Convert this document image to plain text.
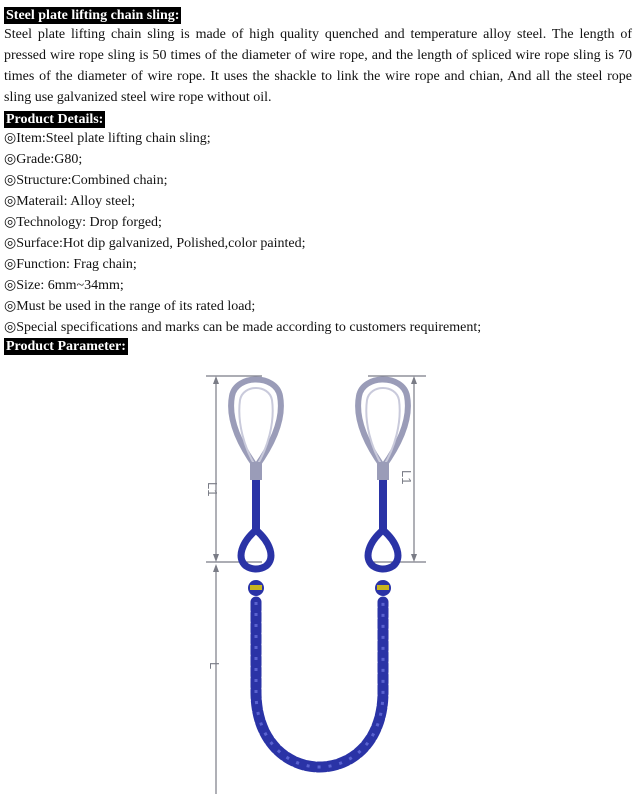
Steel plate lifting chain sling:

Steel plate lifting chain sling is made of high quality quenched and temperature alloy steel. The length of pressed wire rope sling is 50 times of the diameter of wire rope, and the length of spliced wire rope sling is 70 times of the diameter of wire rope. It uses the shackle to link the wire rope and chian, And all the steel rope sling use galvanized steel wire rope without oil.

Product Details:
◎Item:Steel plate lifting chain sling;
◎Grade:G80;
◎Structure:Combined chain;
◎Materail: Alloy steel;
◎Technology: Drop forged;
◎Surface:Hot dip galvanized, Polished,color painted;
◎Function: Frag chain;
◎Size: 6mm~34mm;
◎Must be used in the range of its rated load;
◎Special specifications and marks can be made according to customers requirement;
Product Parameter:
L1
L1
L
